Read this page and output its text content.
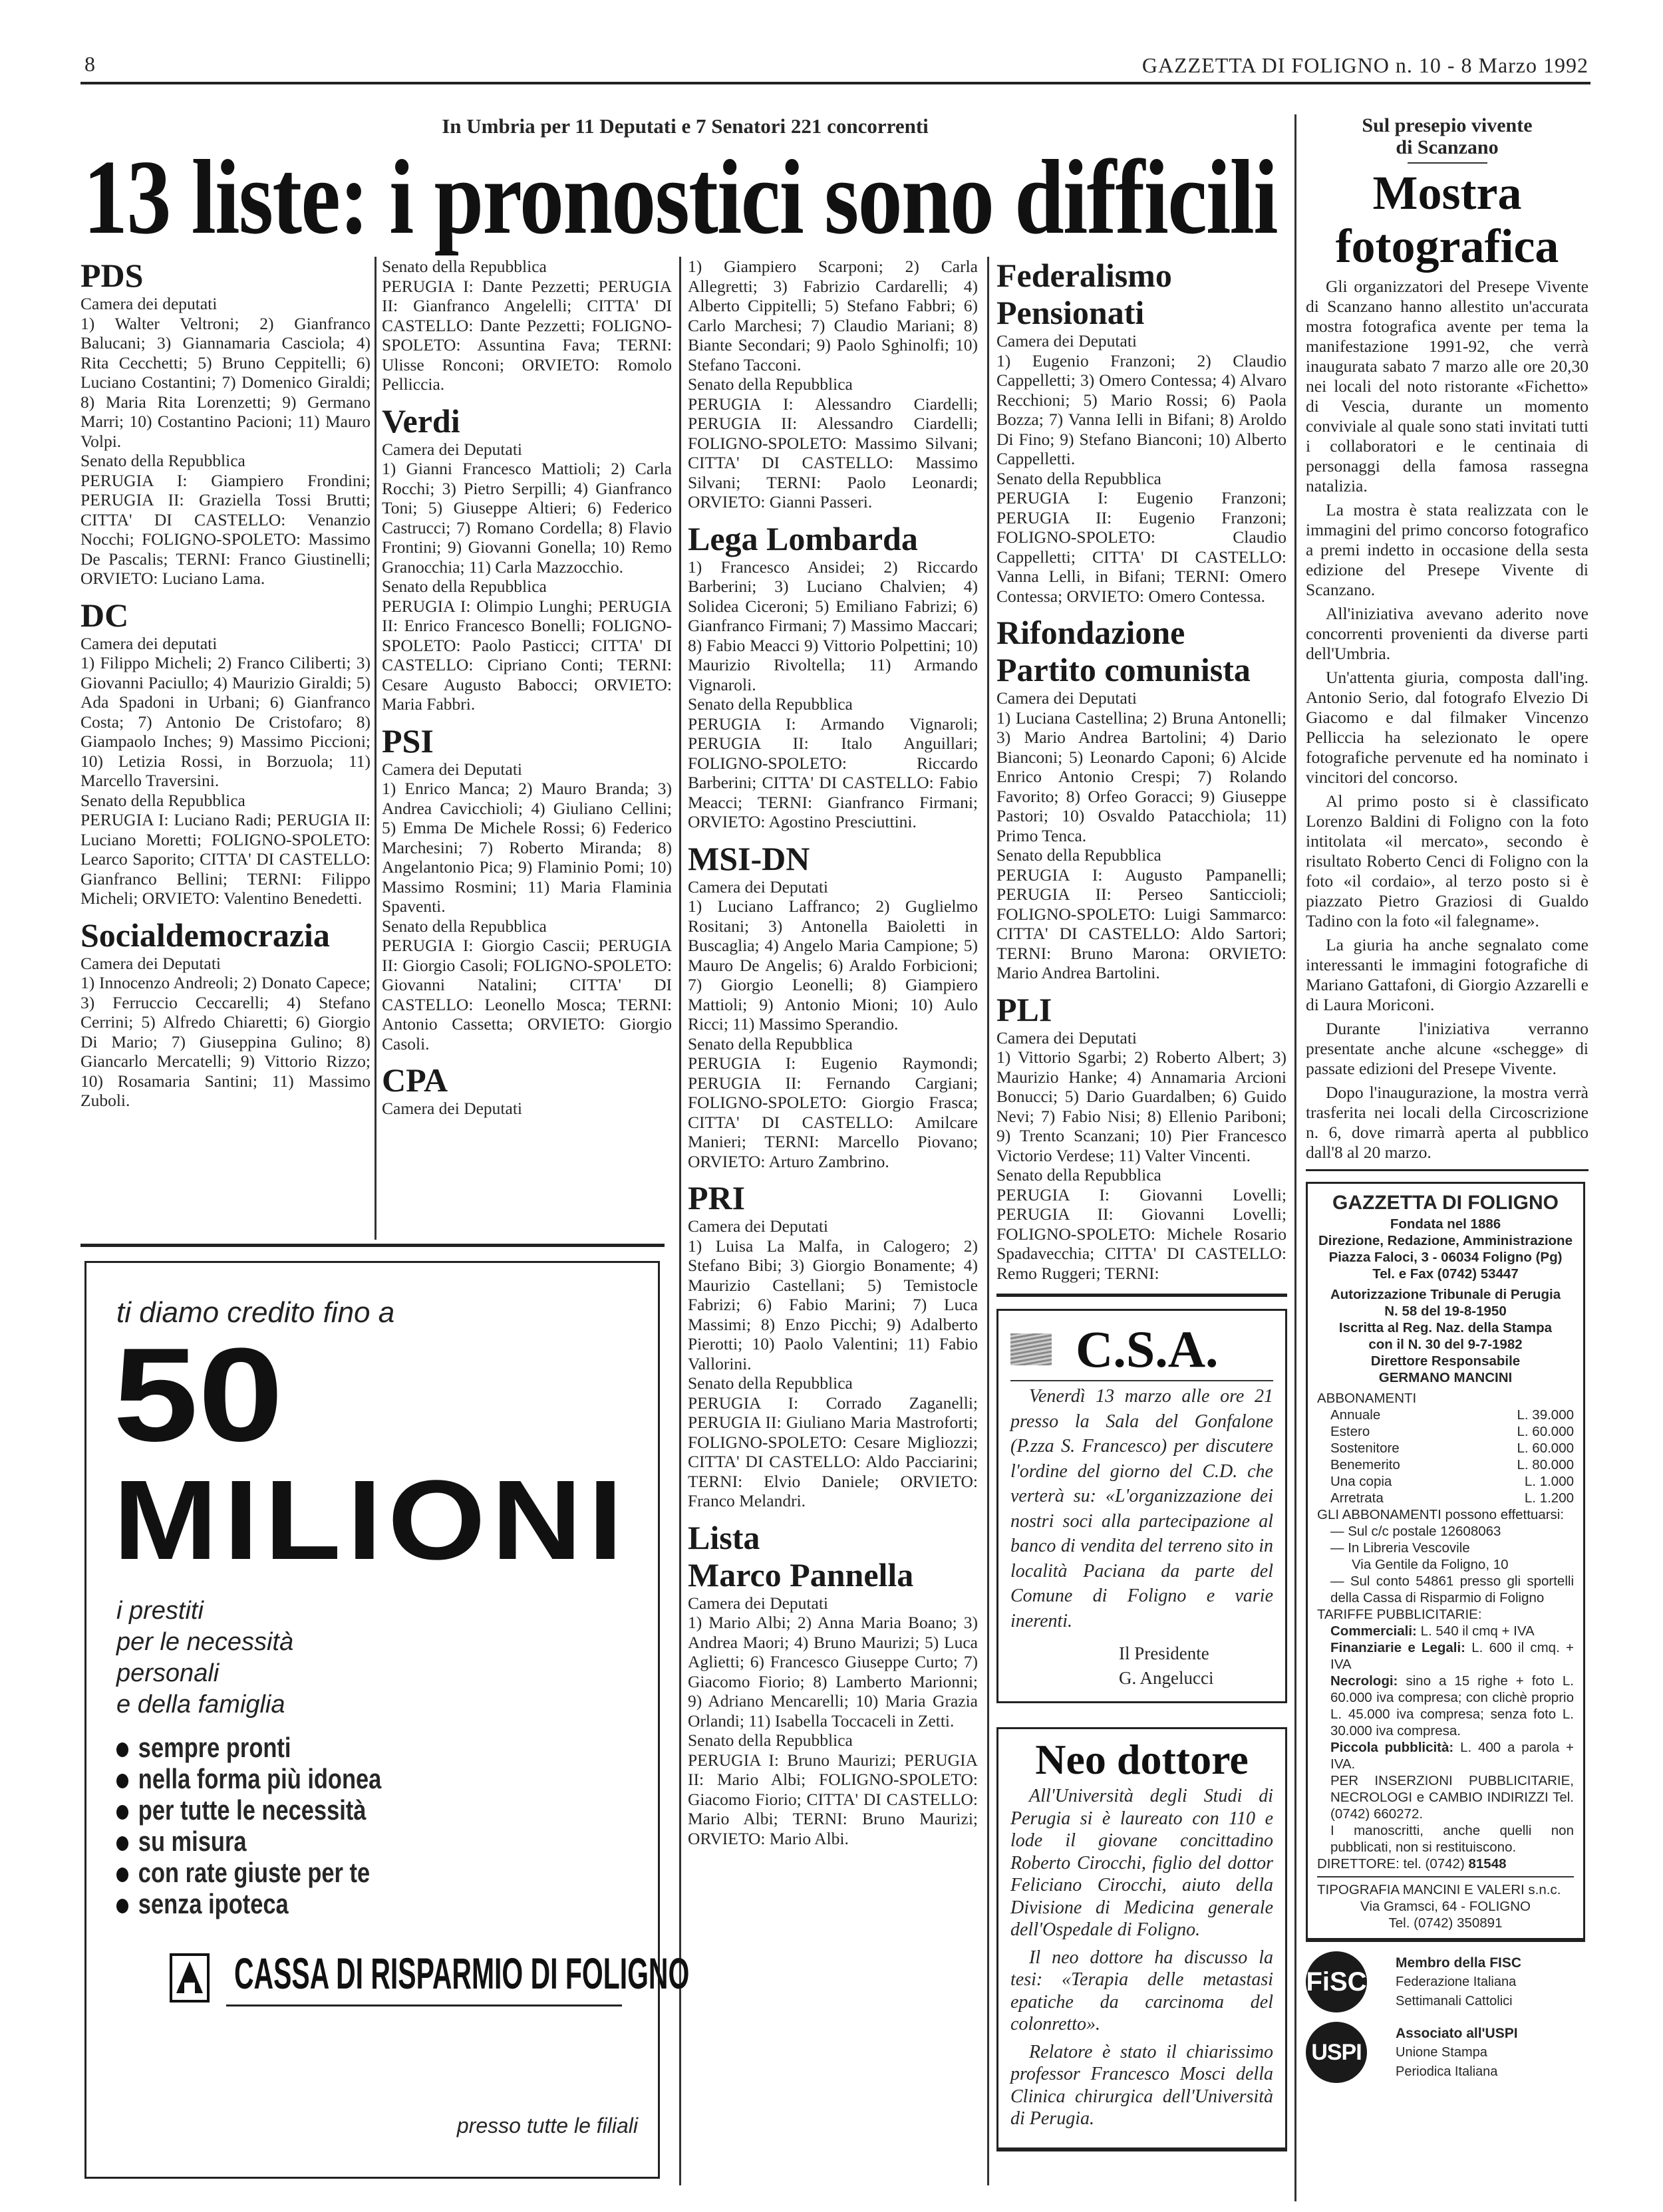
8	GAZZETTA DI FOLIGNO n. 10 - 8 Marzo 1992
In Umbria per 11 Deputati e 7 Senatori 221 concorrenti
13 liste: i pronostici sono difficili
PDS
Camera dei deputati
1) Walter Veltroni; 2) Gianfranco Balucani; 3) Giannamaria Casciola; 4) Rita Cecchetti; 5) Bruno Ceppitelli; 6) Luciano Costantini; 7) Domenico Giraldi; 8) Maria Rita Lorenzetti; 9) Germano Marri; 10) Costantino Pacioni; 11) Mauro Volpi.
Senato della Repubblica
PERUGIA I: Giampiero Frondini; PERUGIA II: Graziella Tossi Brutti; CITTA' DI CASTELLO: Venanzio Nocchi; FOLIGNO-SPOLETO: Massimo De Pascalis; TERNI: Franco Giustinelli; ORVIETO: Luciano Lama.
DC
Camera dei deputati
1) Filippo Micheli; 2) Franco Ciliberti; 3) Giovanni Paciullo; 4) Maurizio Giraldi; 5) Ada Spadoni in Urbani; 6) Gianfranco Costa; 7) Antonio De Cristofaro; 8) Giampaolo Inches; 9) Massimo Piccioni; 10) Letizia Rossi, in Borzuola; 11) Marcello Traversini.
Senato della Repubblica
PERUGIA I: Luciano Radi; PERUGIA II: Luciano Moretti; FOLIGNO-SPOLETO: Learco Saporito; CITTA' DI CASTELLO: Gianfranco Bellini; TERNI: Filippo Micheli; ORVIETO: Valentino Benedetti.
Socialdemocrazia
Camera dei Deputati
1) Innocenzo Andreoli; 2) Donato Capece; 3) Ferruccio Ceccarelli; 4) Stefano Cerrini; 5) Alfredo Chiaretti; 6) Giorgio Di Mario; 7) Giuseppina Gulino; 8) Giancarlo Mercatelli; 9) Vittorio Rizzo; 10) Rosamaria Santini; 11) Massimo Zuboli.
Senato della Repubblica
PERUGIA I: Dante Pezzetti; PERUGIA II: Gianfranco Angelelli; CITTA' DI CASTELLO: Dante Pezzetti; FOLIGNO-SPOLETO: Assuntina Fava; TERNI: Ulisse Ronconi; ORVIETO: Romolo Pelliccia.
Verdi
Camera dei Deputati
1) Gianni Francesco Mattioli; 2) Carla Rocchi; 3) Pietro Serpilli; 4) Gianfranco Toni; 5) Giuseppe Altieri; 6) Federico Castrucci; 7) Romano Cordella; 8) Flavio Frontini; 9) Giovanni Gonella; 10) Remo Granocchia; 11) Carla Mazzocchio.
Senato della Repubblica
PERUGIA I: Olimpio Lunghi; PERUGIA II: Enrico Francesco Bonelli; FOLIGNO-SPOLETO: Paolo Pasticci; CITTA' DI CASTELLO: Cipriano Conti; TERNI: Cesare Augusto Babocci; ORVIETO: Maria Fabbri.
PSI
Camera dei Deputati
1) Enrico Manca; 2) Mauro Branda; 3) Andrea Cavicchioli; 4) Giuliano Cellini; 5) Emma De Michele Rossi; 6) Federico Marchesini; 7) Roberto Miranda; 8) Angelantonio Pica; 9) Flaminio Pomi; 10) Massimo Rosmini; 11) Maria Flaminia Spaventi.
Senato della Repubblica
PERUGIA I: Giorgio Cascii; PERUGIA II: Giorgio Casoli; FOLIGNO-SPOLETO: Giovanni Natalini; CITTA' DI CASTELLO: Leonello Mosca; TERNI: Antonio Cassetta; ORVIETO: Giorgio Casoli.
CPA
Camera dei Deputati
1) Giampiero Scarponi; 2) Carla Allegretti; 3) Fabrizio Cardarelli; 4) Alberto Cippitelli; 5) Stefano Fabbri; 6) Carlo Marchesi; 7) Claudio Mariani; 8) Biante Secondari; 9) Paolo Sghinolfi; 10) Stefano Tacconi.
Senato della Repubblica
PERUGIA I: Alessandro Ciardelli; PERUGIA II: Alessandro Ciardelli; FOLIGNO-SPOLETO: Massimo Silvani; CITTA' DI CASTELLO: Massimo Silvani; TERNI: Paolo Leonardi; ORVIETO: Gianni Passeri.
Lega Lombarda
1) Francesco Ansidei; 2) Riccardo Barberini; 3) Luciano Chalvien; 4) Solidea Ciceroni; 5) Emiliano Fabrizi; 6) Gianfranco Firmani; 7) Massimo Maccari; 8) Fabio Meacci 9) Vittorio Polpettini; 10) Maurizio Rivoltella; 11) Armando Vignaroli.
Senato della Repubblica
PERUGIA I: Armando Vignaroli; PERUGIA II: Italo Anguillari; FOLIGNO-SPOLETO: Riccardo Barberini; CITTA' DI CASTELLO: Fabio Meacci; TERNI: Gianfranco Firmani; ORVIETO: Agostino Presciuttini.
MSI-DN
Camera dei Deputati
1) Luciano Laffranco; 2) Guglielmo Rositani; 3) Antonella Baioletti in Buscaglia; 4) Angelo Maria Campione; 5) Mauro De Angelis; 6) Araldo Forbicioni; 7) Giorgio Leonelli; 8) Giampiero Mattioli; 9) Antonio Mioni; 10) Aulo Ricci; 11) Massimo Sperandio.
Senato della Repubblica
PERUGIA I: Eugenio Raymondi; PERUGIA II: Fernando Cargiani; FOLIGNO-SPOLETO: Giorgio Frasca; CITTA' DI CASTELLO: Amilcare Manieri; TERNI: Marcello Piovano; ORVIETO: Arturo Zambrino.
PRI
Camera dei Deputati
1) Luisa La Malfa, in Calogero; 2) Stefano Bibi; 3) Giorgio Bonamente; 4) Maurizio Castellani; 5) Temistocle Fabrizi; 6) Fabio Marini; 7) Luca Massimi; 8) Enzo Picchi; 9) Adalberto Pierotti; 10) Paolo Valentini; 11) Fabio Vallorini.
Senato della Repubblica
PERUGIA I: Corrado Zaganelli; PERUGIA II: Giuliano Maria Mastroforti; FOLIGNO-SPOLETO: Cesare Migliozzi; CITTA' DI CASTELLO: Aldo Pacciarini; TERNI: Elvio Daniele; ORVIETO: Franco Melandri.
Lista
Marco Pannella
Camera dei Deputati
1) Mario Albi; 2) Anna Maria Boano; 3) Andrea Maori; 4) Bruno Maurizi; 5) Luca Aglietti; 6) Francesco Giuseppe Curto; 7) Giacomo Fiorio; 8) Lamberto Marionni; 9) Adriano Mencarelli; 10) Maria Grazia Orlandi; 11) Isabella Toccaceli in Zetti.
Senato della Repubblica
PERUGIA I: Bruno Maurizi; PERUGIA II: Mario Albi; FOLIGNO-SPOLETO: Giacomo Fiorio; CITTA' DI CASTELLO: Mario Albi; TERNI: Bruno Maurizi; ORVIETO: Mario Albi.
Federalismo
Pensionati
Camera dei Deputati
1) Eugenio Franzoni; 2) Claudio Cappelletti; 3) Omero Contessa; 4) Alvaro Recchioni; 5) Mario Rossi; 6) Paola Bozza; 7) Vanna Ielli in Bifani; 8) Aroldo Di Fino; 9) Stefano Bianconi; 10) Alberto Cappelletti.
Senato della Repubblica
PERUGIA I: Eugenio Franzoni; PERUGIA II: Eugenio Franzoni; FOLIGNO-SPOLETO: Claudio Cappelletti; CITTA' DI CASTELLO: Vanna Lelli, in Bifani; TERNI: Omero Contessa; ORVIETO: Omero Contessa.
Rifondazione
Partito comunista
Camera dei Deputati
1) Luciana Castellina; 2) Bruna Antonelli; 3) Mario Andrea Bartolini; 4) Dario Bianconi; 5) Leonardo Caponi; 6) Alcide Enrico Antonio Crespi; 7) Rolando Favorito; 8) Orfeo Goracci; 9) Giuseppe Pastori; 10) Osvaldo Patacchiola; 11) Primo Tenca.
Senato della Repubblica
PERUGIA I: Augusto Pampanelli; PERUGIA II: Perseo Santiccioli; FOLIGNO-SPOLETO: Luigi Sammarco: CITTA' DI CASTELLO: Aldo Sartori; TERNI: Bruno Marona: ORVIETO: Mario Andrea Bartolini.
PLI
Camera dei Deputati
1) Vittorio Sgarbi; 2) Roberto Albert; 3) Maurizio Hanke; 4) Annamaria Arcioni Bonucci; 5) Dario Guardalben; 6) Guido Nevi; 7) Fabio Nisi; 8) Ellenio Pariboni; 9) Trento Scanzani; 10) Pier Francesco Victorio Verdese; 11) Valter Vincenti.
Senato della Repubblica
PERUGIA I: Giovanni Lovelli; PERUGIA II: Giovanni Lovelli; FOLIGNO-SPOLETO: Michele Rosario Spadavecchia; CITTA' DI CASTELLO: Remo Ruggeri; TERNI:
C.S.A.
Venerdì 13 marzo alle ore 21 presso la Sala del Gonfalone (P.zza S. Francesco) per discutere l'ordine del giorno del C.D. che verterà su: «L'organizzazione dei nostri soci alla partecipazione al banco di vendita del terreno sito in località Paciana da parte del Comune di Foligno e varie inerenti.
Il Presidente
G. Angelucci
Neo dottore
All'Università degli Studi di Perugia si è laureato con 110 e lode il giovane concittadino Roberto Cirocchi, figlio del dottor Feliciano Cirocchi, aiuto della Divisione di Medicina generale dell'Ospedale di Foligno.
Il neo dottore ha discusso la tesi: «Terapia delle metastasi epatiche da carcinoma del colonretto».
Relatore è stato il chiarissimo professor Francesco Mosci della Clinica chirurgica dell'Università di Perugia.
ti diamo credito fino a
50
MILIONI
i prestiti
per le necessità
personali
e della famiglia
sempre pronti
nella forma più idonea
per tutte le necessità
su misura
con rate giuste per te
senza ipoteca
CASSA DI RISPARMIO DI FOLIGNO
presso tutte le filiali
Sul presepio vivente
di Scanzano
Mostra
fotografica
Gli organizzatori del Presepe Vivente di Scanzano hanno allestito un'accurata mostra fotografica avente per tema la manifestazione 1991-92, che verrà inaugurata sabato 7 marzo alle ore 20,30 nei locali del noto ristorante «Fichetto» di Vescia, durante un momento conviviale al quale sono stati invitati tutti i collaboratori e le centinaia di personaggi della famosa rassegna natalizia.
La mostra è stata realizzata con le immagini del primo concorso fotografico a premi indetto in occasione della sesta edizione del Presepe Vivente di Scanzano.
All'iniziativa avevano aderito nove concorrenti provenienti da diverse parti dell'Umbria.
Un'attenta giuria, composta dall'ing. Antonio Serio, dal fotografo Elvezio Di Giacomo e dal filmaker Vincenzo Pelliccia ha selezionato le opere fotografiche pervenute ed ha nominato i vincitori del concorso.
Al primo posto si è classificato Lorenzo Baldini di Foligno con la foto intitolata «il mercato», secondo è risultato Roberto Cenci di Foligno con la foto «il cordaio», al terzo posto si è piazzato Pietro Graziosi di Gualdo Tadino con la foto «il falegname».
La giuria ha anche segnalato come interessanti le immagini fotografiche di Mariano Gattafoni, di Giorgio Azzarelli e di Laura Moriconi.
Durante l'iniziativa verranno presentate anche alcune «schegge» di passate edizioni del Presepe Vivente.
Dopo l'inaugurazione, la mostra verrà trasferita nei locali della Circoscrizione n. 6, dove rimarrà aperta al pubblico dall'8 al 20 marzo.
GAZZETTA DI FOLIGNO
Fondata nel 1886
Direzione, Redazione, Amministrazione
Piazza Faloci, 3 - 06034 Foligno (Pg)
Tel. e Fax (0742) 53447
Autorizzazione Tribunale di Perugia
N. 58 del 19-8-1950
Iscritta al Reg. Naz. della Stampa
con il N. 30 del 9-7-1982
Direttore Responsabile
GERMANO MANCINI
ABBONAMENTI
Annuale	L. 39.000
Estero	L. 60.000
Sostenitore	L. 60.000
Benemerito	L. 80.000
Una copia	L. 1.000
Arretrata	L. 1.200
GLI ABBONAMENTI possono effettuarsi:
— Sul c/c postale 12608063
— In Libreria Vescovile
Via Gentile da Foligno, 10
— Sul conto 54861 presso gli sportelli della Cassa di Risparmio di Foligno
TARIFFE PUBBLICITARIE:
Commerciali: L. 540 il cmq + IVA
Finanziarie e Legali: L. 600 il cmq. + IVA
Necrologi: sino a 15 righe + foto L. 60.000 iva compresa; con clichè proprio L. 45.000 iva compresa; senza foto L. 30.000 iva compresa.
Piccola pubblicità: L. 400 a parola + IVA.
PER INSERZIONI PUBBLICITARIE, NECROLOGI e CAMBIO INDIRIZZI Tel. (0742) 660272.
I manoscritti, anche quelli non pubblicati, non si restituiscono.
DIRETTORE: tel. (0742) 81548
TIPOGRAFIA MANCINI E VALERI s.n.c.
Via Gramsci, 64 - FOLIGNO
Tel. (0742) 350891
FiSC
Membro della FISC
Federazione Italiana
Settimanali Cattolici
USPI
Associato all'USPI
Unione Stampa
Periodica Italiana
